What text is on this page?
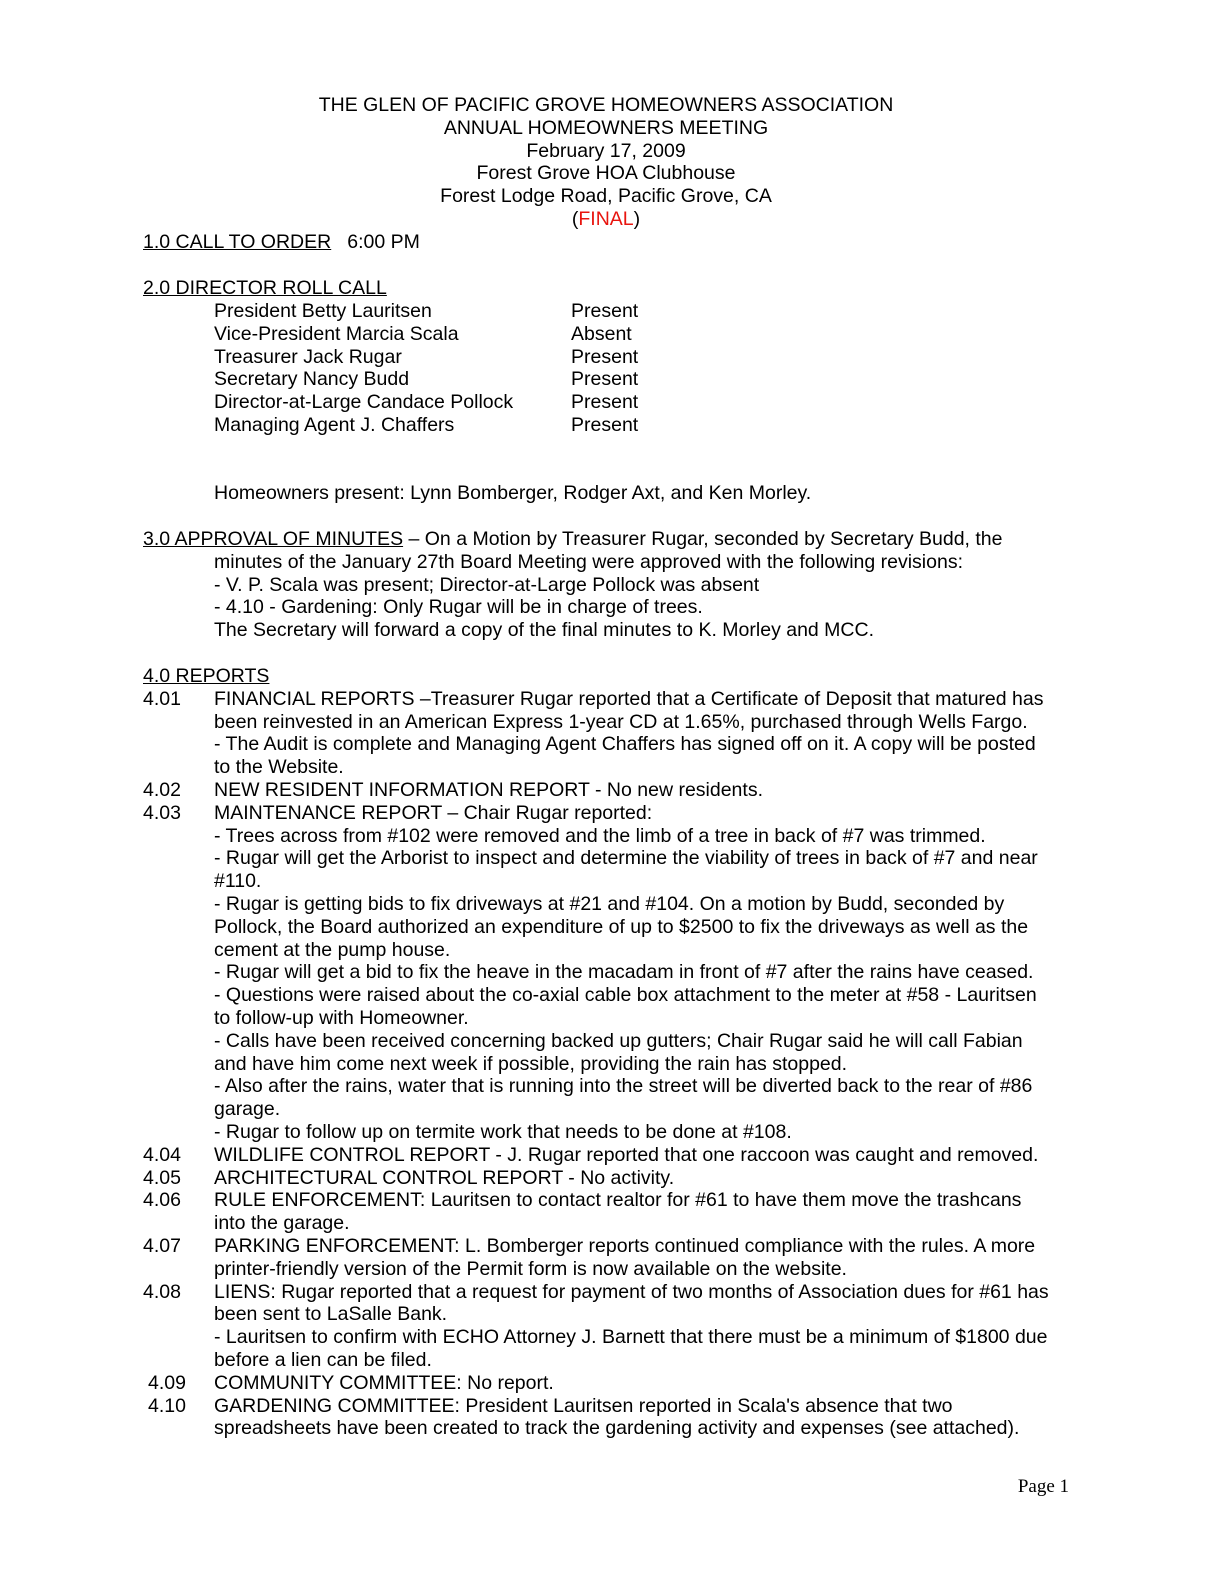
THE GLEN OF PACIFIC GROVE HOMEOWNERS ASSOCIATION
ANNUAL HOMEOWNERS MEETING
February 17, 2009
Forest Grove HOA Clubhouse
Forest Lodge Road, Pacific Grove, CA
(FINAL)
1.0 CALL TO ORDER 6:00 PM
2.0 DIRECTOR ROLL CALL
President Betty Lauritsen	Present
Vice-President Marcia Scala	Absent
Treasurer Jack Rugar	Present
Secretary Nancy Budd	Present
Director-at-Large Candace Pollock	Present
Managing Agent J. Chaffers	Present
Homeowners present: Lynn Bomberger, Rodger Axt, and Ken Morley.
3.0 APPROVAL OF MINUTES – On a Motion by Treasurer Rugar, seconded by Secretary Budd, the
minutes of the January 27th Board Meeting were approved with the following revisions:
- V. P. Scala was present; Director-at-Large Pollock was absent
- 4.10 - Gardening: Only Rugar will be in charge of trees.
The Secretary will forward a copy of the final minutes to K. Morley and MCC.
4.0 REPORTS
4.01	FINANCIAL REPORTS –Treasurer Rugar reported that a Certificate of Deposit that matured has
been reinvested in an American Express 1-year CD at 1.65%, purchased through Wells Fargo.
- The Audit is complete and Managing Agent Chaffers has signed off on it. A copy will be posted
to the Website.
4.02	NEW RESIDENT INFORMATION REPORT - No new residents.
4.03	MAINTENANCE REPORT – Chair Rugar reported:
- Trees across from #102 were removed and the limb of a tree in back of #7 was trimmed.
- Rugar will get the Arborist to inspect and determine the viability of trees in back of #7 and near
#110.
- Rugar is getting bids to fix driveways at #21 and #104. On a motion by Budd, seconded by
Pollock, the Board authorized an expenditure of up to $2500 to fix the driveways as well as the
cement at the pump house.
- Rugar will get a bid to fix the heave in the macadam in front of #7 after the rains have ceased.
- Questions were raised about the co-axial cable box attachment to the meter at #58 - Lauritsen
to follow-up with Homeowner.
- Calls have been received concerning backed up gutters; Chair Rugar said he will call Fabian
and have him come next week if possible, providing the rain has stopped.
- Also after the rains, water that is running into the street will be diverted back to the rear of #86
garage.
- Rugar to follow up on termite work that needs to be done at #108.
4.04	WILDLIFE CONTROL REPORT - J. Rugar reported that one raccoon was caught and removed.
4.05	ARCHITECTURAL CONTROL REPORT - No activity.
4.06	RULE ENFORCEMENT: Lauritsen to contact realtor for #61 to have them move the trashcans
into the garage.
4.07	PARKING ENFORCEMENT: L. Bomberger reports continued compliance with the rules. A more
printer-friendly version of the Permit form is now available on the website.
4.08	LIENS: Rugar reported that a request for payment of two months of Association dues for #61 has
been sent to LaSalle Bank.
- Lauritsen to confirm with ECHO Attorney J. Barnett that there must be a minimum of $1800 due
before a lien can be filed.
4.09	COMMUNITY COMMITTEE: No report.
4.10	GARDENING COMMITTEE: President Lauritsen reported in Scala's absence that two
spreadsheets have been created to track the gardening activity and expenses (see attached).
Page 1
